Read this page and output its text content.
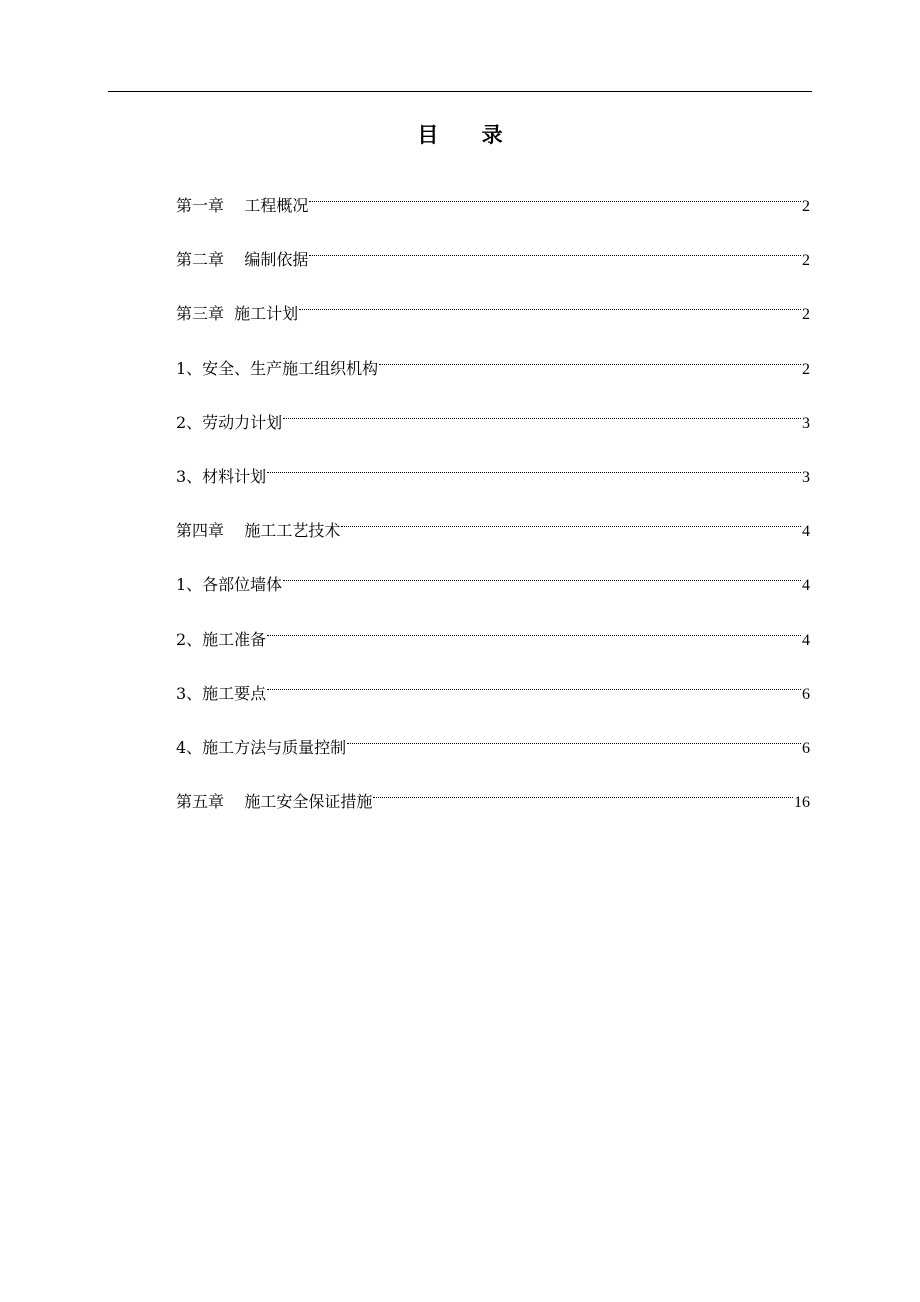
目 录
第一章    工程概况	2
第二章    编制依据	2
第三章  施工计划	2
1、安全、生产施工组织机构	2
2、劳动力计划	3
3、材料计划	3
第四章    施工工艺技术	4
1、各部位墙体	4
2、施工准备	4
3、施工要点	6
4、施工方法与质量控制	6
第五章    施工安全保证措施	16
